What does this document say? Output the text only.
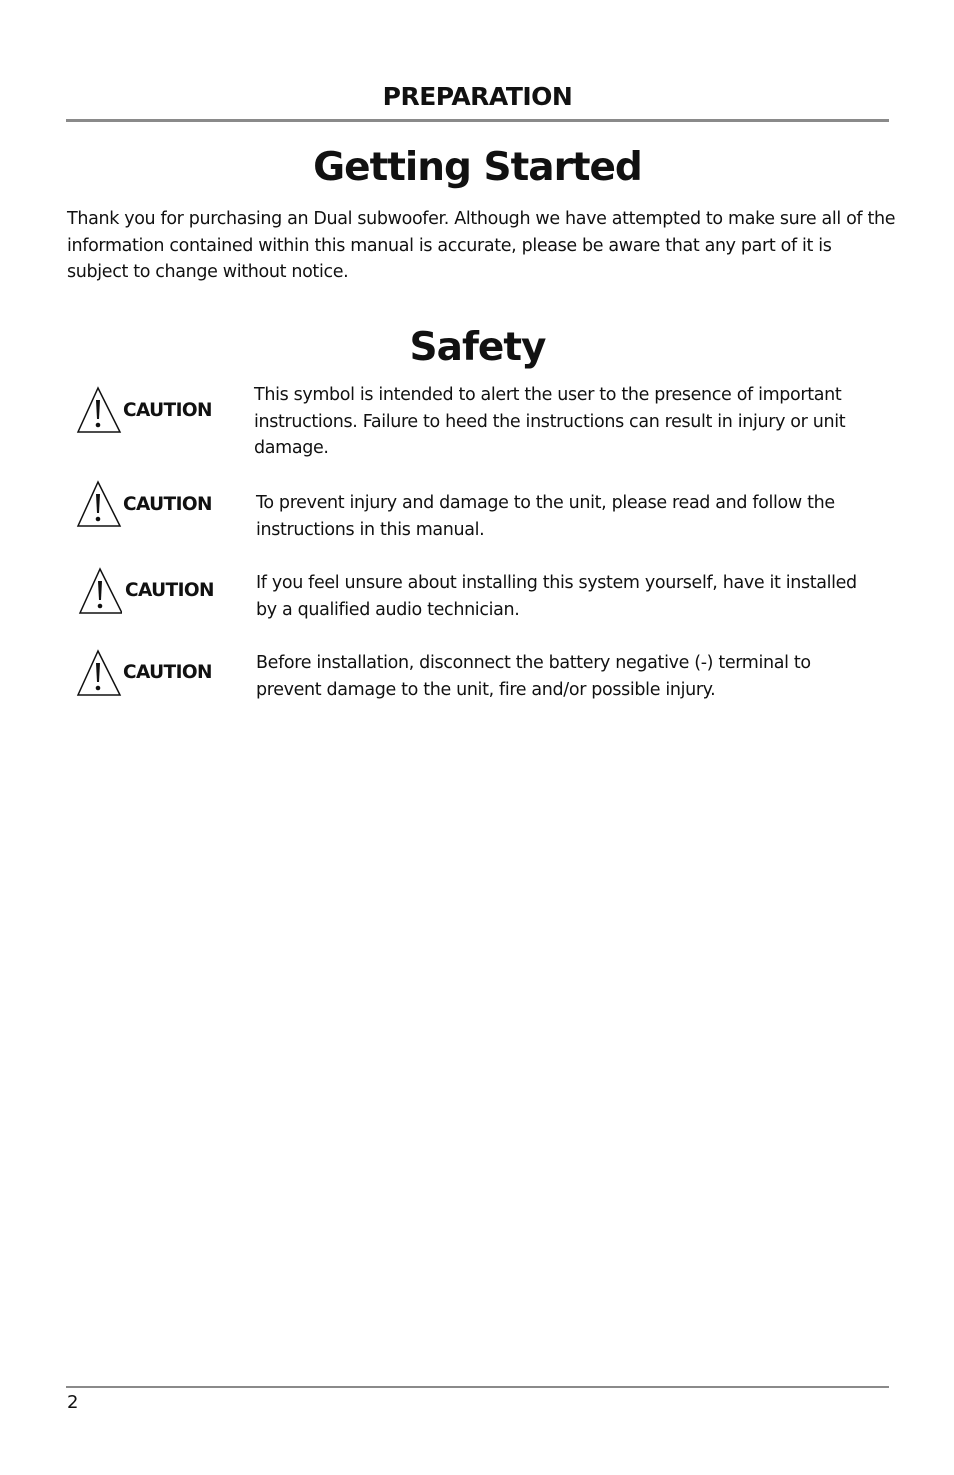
PREPARATION
Getting Started

Thank you for purchasing an Dual subwoofer. Although we have attempted to make sure all of the information contained within this manual is accurate, please be aware that any part of it is subject to change without notice.

Safety
CAUTION

This symbol is intended to alert the user to the presence of important instructions. Failure to heed the instructions can result in injury or unit damage.

CAUTION	To prevent injury and damage to the unit, please read and follow the instructions in this manual.

CAUTION If you feel unsure about installing this system yourself, have it installed by a qualified audio technician.

CAUTION	Before installation, disconnect the battery negative (-) terminal to prevent damage to the unit, fire and/or possible injury.

2
